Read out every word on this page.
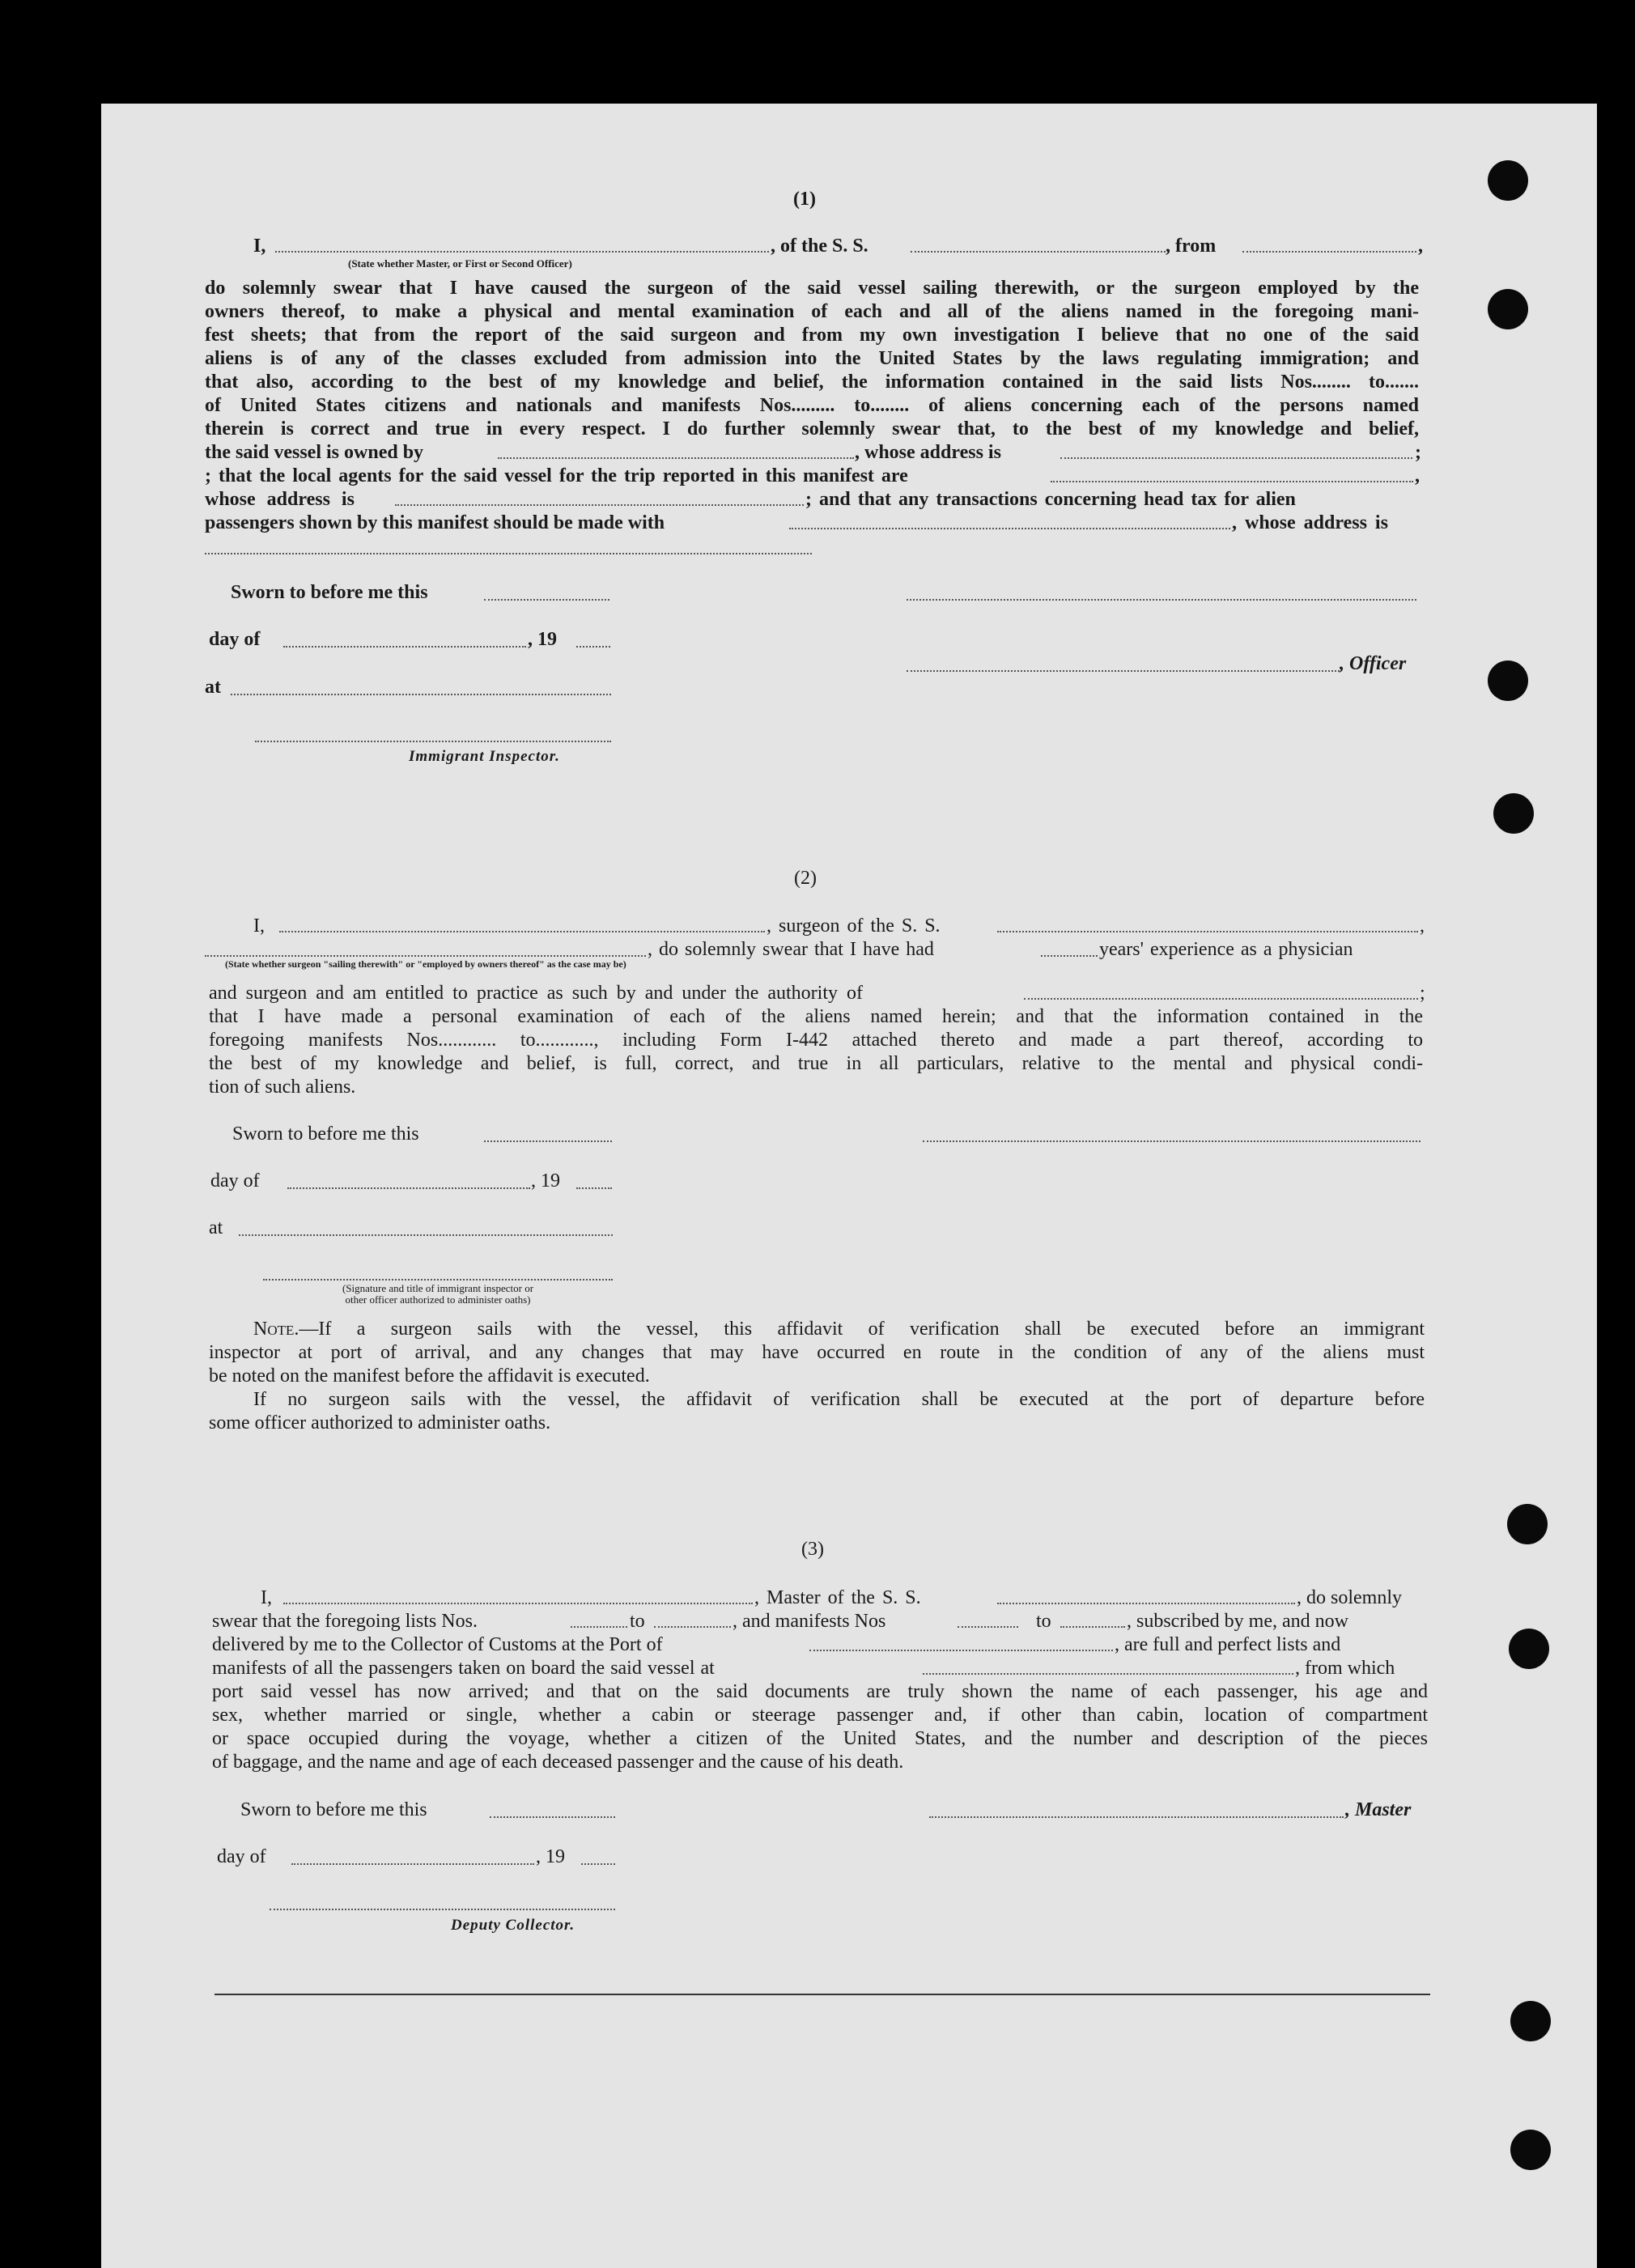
(1)
I,	, of the S. S.	, from	,
(State whether Master, or First or Second Officer)
do solemnly swear that I have caused the surgeon of the said vessel sailing therewith, or the surgeon employed by the
owners thereof, to make a physical and mental examination of each and all of the aliens named in the foregoing mani-
fest sheets; that from the report of the said surgeon and from my own investigation I believe that no one of the said
aliens is of any of the classes excluded from admission into the United States by the laws regulating immigration; and
that also, according to the best of my knowledge and belief, the information contained in the said lists Nos........ to.......
of United States citizens and nationals and manifests Nos......... to........ of aliens concerning each of the persons named
therein is correct and true in every respect. I do further solemnly swear that, to the best of my knowledge and belief,
the said vessel is owned by	, whose address is	;
; that the local agents for the said vessel for the trip reported in this manifest are	,
whose address is	; and that any transactions concerning head tax for alien
passengers shown by this manifest should be made with	, whose address is
Sworn to before me this
day of	, 19
, Officer
at
Immigrant Inspector.
(2)
I,	, surgeon of the S. S.	,
, do solemnly swear that I have had	years' experience as a physician
(State whether surgeon "sailing therewith" or "employed by owners thereof" as the case may be)
and surgeon and am entitled to practice as such by and under the authority of	;
that I have made a personal examination of each of the aliens named herein; and that the information contained in the
foregoing manifests Nos............ to............, including Form I-442 attached thereto and made a part thereof, according to
the best of my knowledge and belief, is full, correct, and true in all particulars, relative to the mental and physical condi-
tion of such aliens.
Sworn to before me this
day of	, 19
at
(Signature and title of immigrant inspector or
other officer authorized to administer oaths)
Note.—If a surgeon sails with the vessel, this affidavit of verification shall be executed before an immigrant
inspector at port of arrival, and any changes that may have occurred en route in the condition of any of the aliens must
be noted on the manifest before the affidavit is executed.
If no surgeon sails with the vessel, the affidavit of verification shall be executed at the port of departure before
some officer authorized to administer oaths.
(3)
I,	, Master of the S. S.	, do solemnly
swear that the foregoing lists Nos.	to	, and manifests Nos	to	, subscribed by me, and now
delivered by me to the Collector of Customs at the Port of	, are full and perfect lists and
manifests of all the passengers taken on board the said vessel at	, from which
port said vessel has now arrived; and that on the said documents are truly shown the name of each passenger, his age and
sex, whether married or single, whether a cabin or steerage passenger and, if other than cabin, location of compartment
or space occupied during the voyage, whether a citizen of the United States, and the number and description of the pieces
of baggage, and the name and age of each deceased passenger and the cause of his death.
Sworn to before me this	, Master
day of	, 19
Deputy Collector.
